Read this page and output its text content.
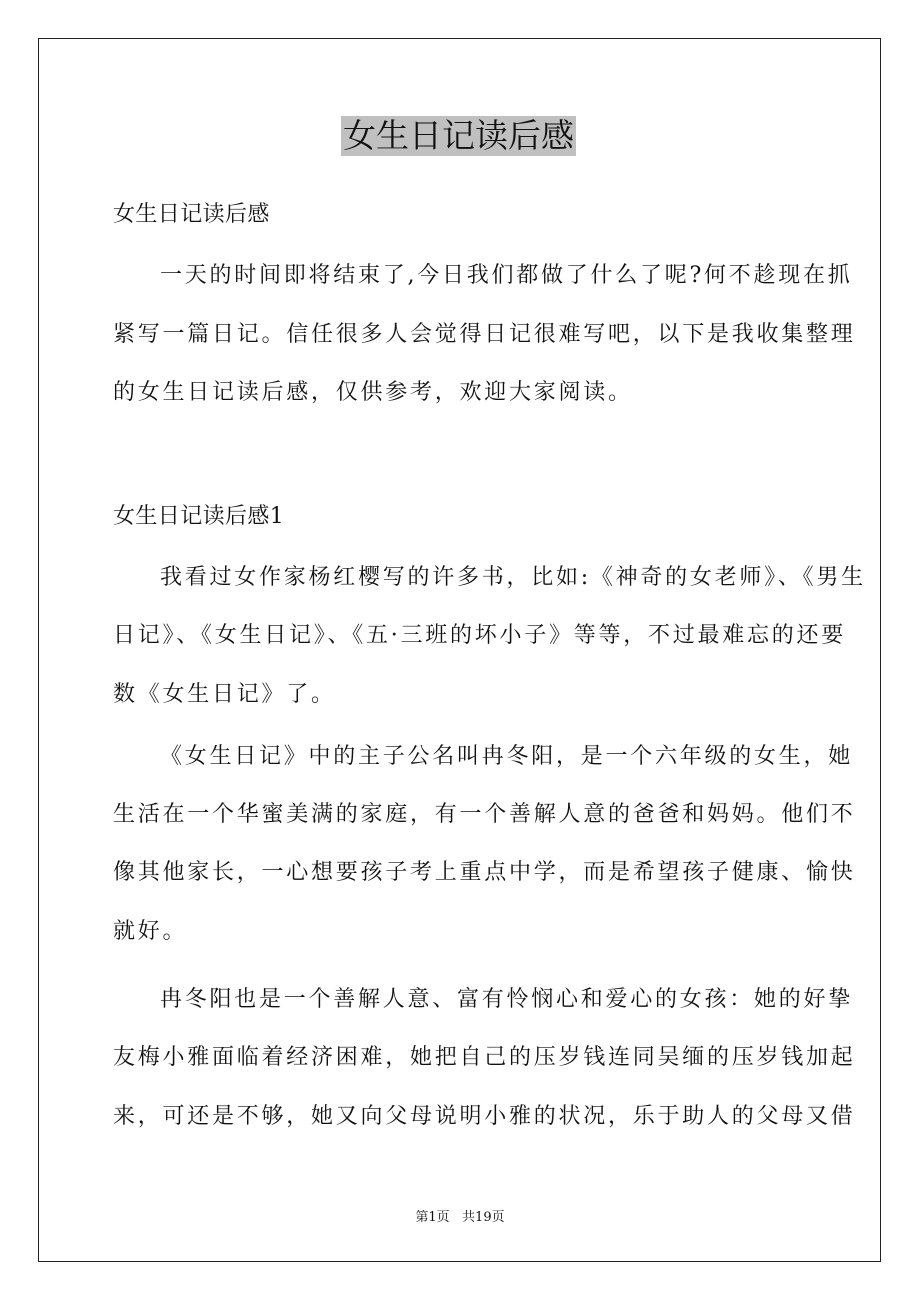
女生日记读后感
女生日记读后感
一天的时间即将结束了,今日我们都做了什么了呢?何不趁现在抓
紧写一篇日记。信任很多人会觉得日记很难写吧，以下是我收集整理
的女生日记读后感，仅供参考，欢迎大家阅读。
女生日记读后感1
我看过女作家杨红樱写的许多书，比如:《神奇的女老师》、《男生
日记》、《女生日记》、《五·三班的坏小子》等等，不过最难忘的还要
数《女生日记》了。
《女生日记》中的主子公名叫冉冬阳，是一个六年级的女生，她
生活在一个华蜜美满的家庭，有一个善解人意的爸爸和妈妈。他们不
像其他家长，一心想要孩子考上重点中学，而是希望孩子健康、愉快
就好。
冉冬阳也是一个善解人意、富有怜悯心和爱心的女孩：她的好挚
友梅小雅面临着经济困难，她把自己的压岁钱连同吴缅的压岁钱加起
来，可还是不够，她又向父母说明小雅的状况，乐于助人的父母又借
第1页   共19页
